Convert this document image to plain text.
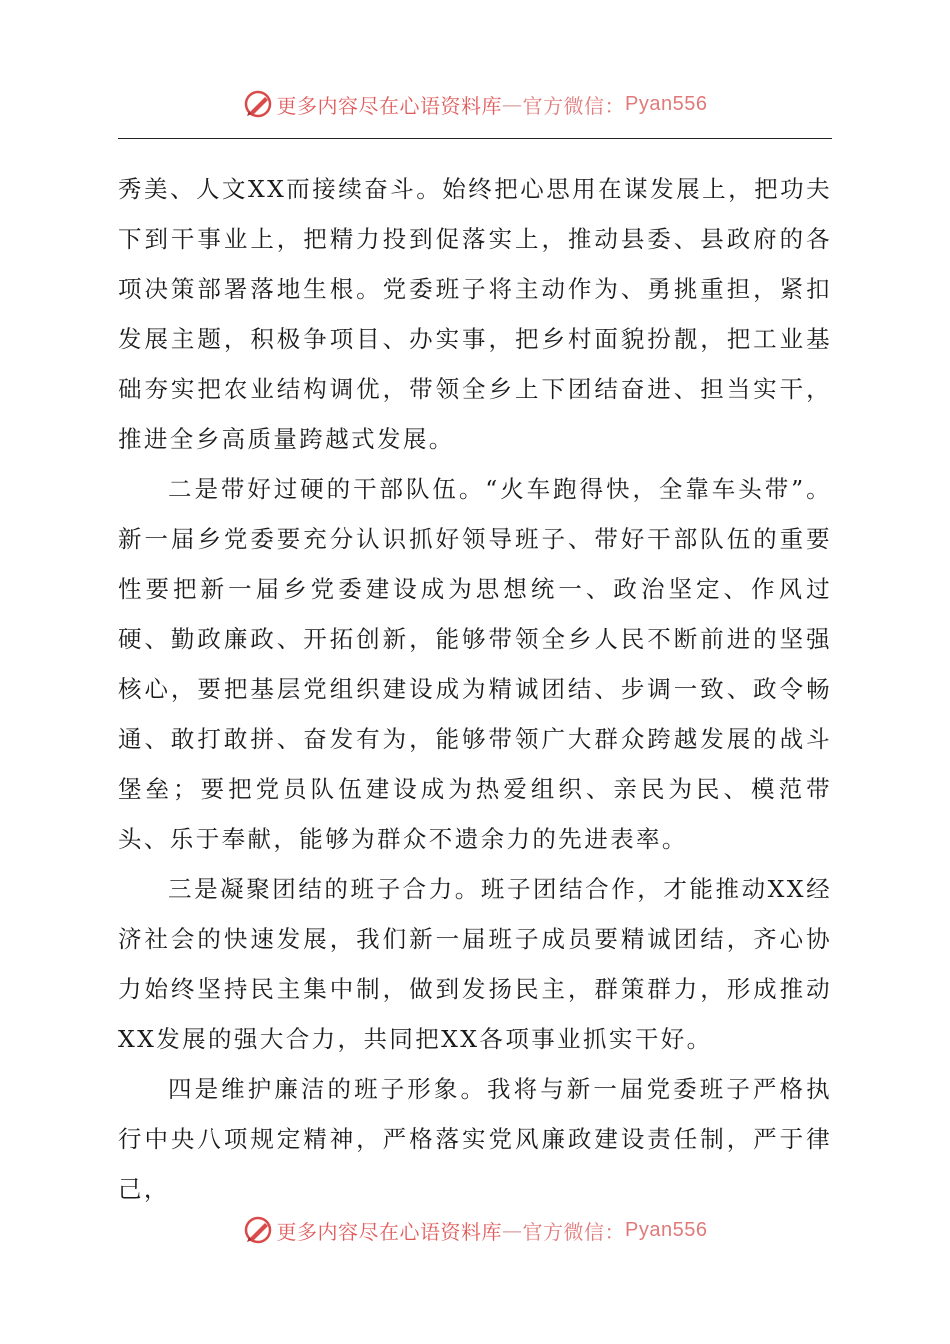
更多内容尽在心语资料库 — 官方微信： Pyan556

秀美、人文XX而接续奋斗。始终把心思用在谋发展上，把功夫下到干事业上，把精力投到促落实上，推动县委、县政府的各项决策部署落地生根。党委班子将主动作为、勇挑重担，紧扣发展主题，积极争项目、办实事，把乡村面貌扮靓，把工业基础夯实把农业结构调优，带领全乡上下团结奋进、担当实干，推进全乡高质量跨越式发展。

二是带好过硬的干部队伍。“火车跑得快，全靠车头带”。新一届乡党委要充分认识抓好领导班子、带好干部队伍的重要性要把新一届乡党委建设成为思想统一、政治坚定、作风过硬、勤政廉政、开拓创新，能够带领全乡人民不断前进的坚强核心，要把基层党组织建设成为精诚团结、步调一致、政令畅通、敢打敢拼、奋发有为，能够带领广大群众跨越发展的战斗堡垒；要把党员队伍建设成为热爱组织、亲民为民、模范带头、乐于奉献，能够为群众不遗余力的先进表率。

三是凝聚团结的班子合力。班子团结合作，才能推动XX经济社会的快速发展，我们新一届班子成员要精诚团结，齐心协力始终坚持民主集中制，做到发扬民主，群策群力，形成推动XX发展的强大合力，共同把XX各项事业抓实干好。

四是维护廉洁的班子形象。我将与新一届党委班子严格执行中央八项规定精神，严格落实党风廉政建设责任制，严于律己，

更多内容尽在心语资料库 — 官方微信： Pyan556
